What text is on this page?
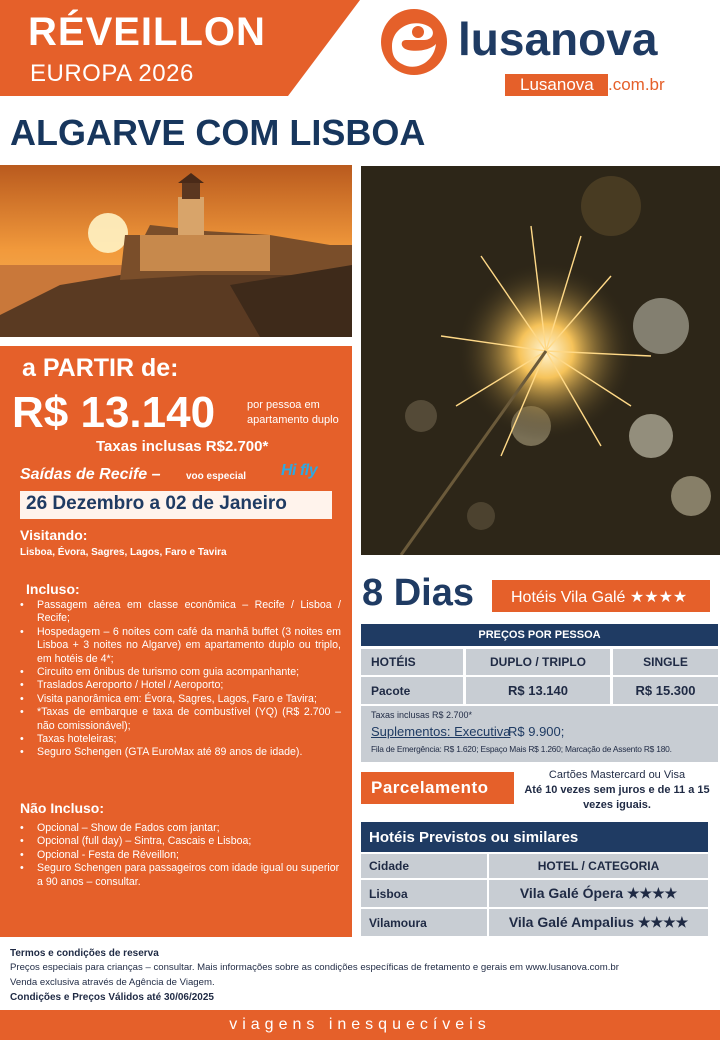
RÉVEILLON
EUROPA 2026
lusanova
Lusanova .com.br
ALGARVE COM LISBOA
a PARTIR de:
R$ 13.140	por pessoa em apartamento duplo
Taxas inclusas R$2.700*
Saídas de Recife –	voo especial Hi fly
26 Dezembro a 02 de Janeiro
Visitando:
Lisboa, Évora, Sagres, Lagos, Faro e Tavira
Incluso:
• Passagem aérea em classe econômica – Recife / Lisboa / Recife;
• Hospedagem – 6 noites com café da manhã buffet (3 noites em Lisboa + 3 noites no Algarve) em apartamento duplo ou triplo, em hotéis de 4*;
• Circuito em ônibus de turismo com guia acompanhante;
• Traslados Aeroporto / Hotel / Aeroporto;
• Visita panorâmica em: Évora, Sagres, Lagos, Faro e Tavira;
• *Taxas de embarque e taxa de combustível (YQ) (R$ 2.700 – não comissionável);
• Taxas hoteleiras;
• Seguro Schengen (GTA EuroMax até 89 anos de idade).
Não Incluso:
• Opcional – Show de Fados com jantar;
• Opcional (full day) – Sintra, Cascais e Lisboa;
• Opcional - Festa de Réveillon;
• Seguro Schengen para passageiros com idade igual ou superior a 90 anos – consultar.
8 Dias Hotéis Vila Galé ★★★★
PREÇOS POR PESSOA
HOTÉIS	DUPLO / TRIPLO	SINGLE
Pacote	R$ 13.140	R$ 15.300
Taxas inclusas R$ 2.700*
Suplementos: Executiva
R$ 9.900;
Fila de Emergência: R$ 1.620; Espaço Mais R$ 1.260; Marcação de Assento R$ 180.
Parcelamento
Cartões Mastercard ou Visa
Até 10 vezes sem juros e de 11 a 15 vezes iguais.
Hotéis Previstos ou similares
Cidade	HOTEL / CATEGORIA
Lisboa	Vila Galé Ópera ★★★★
Vilamoura	Vila Galé Ampalius ★★★★
Termos e condições de reserva
Preços especiais para crianças – consultar. Mais informações sobre as condições específicas de fretamento e gerais em www.lusanova.com.br
Venda exclusiva através de Agência de Viagem.
Condições e Preços Válidos até 30/06/2025
viagens inesquecíveis
